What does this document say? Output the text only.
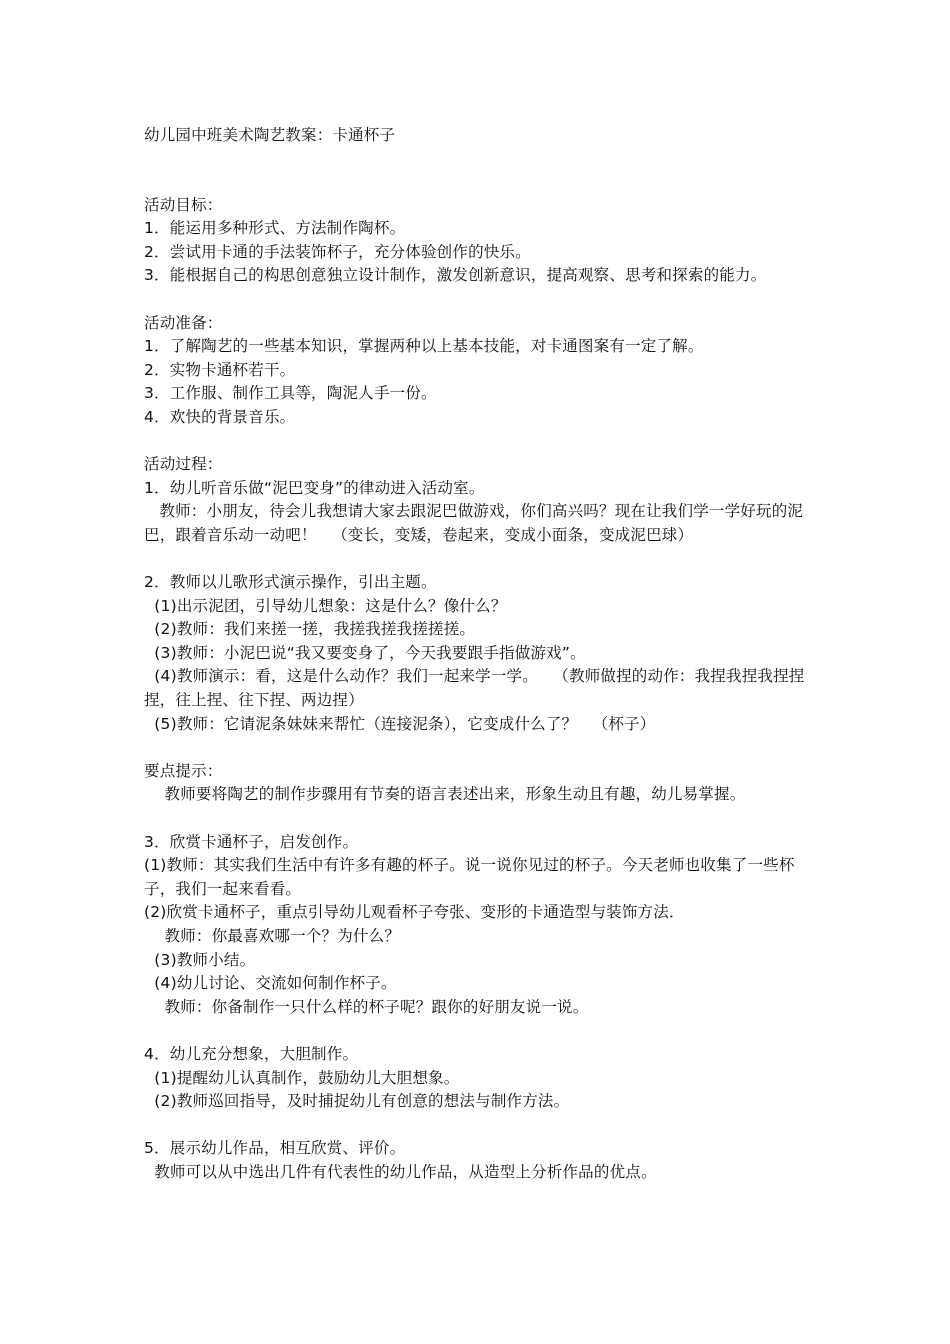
幼儿园中班美术陶艺教案：卡通杯子

活动目标：

1．能运用多种形式、方法制作陶杯。

2．尝试用卡通的手法装饰杯子，充分体验创作的快乐。

3．能根据自己的构思创意独立设计制作，激发创新意识，提高观察、思考和探索的能力。

活动准备：

1．了解陶艺的一些基本知识，掌握两种以上基本技能，对卡通图案有一定了解。

2．实物卡通杯若干。

3．工作服、制作工具等，陶泥人手一份。

4．欢快的背景音乐。

活动过程：

1．幼儿听音乐做“泥巴变身”的律动进入活动室。

教师：小朋友，待会儿我想请大家去跟泥巴做游戏，你们高兴吗？现在让我们学一学好玩的泥巴，跟着音乐动一动吧！   （变长，变矮，卷起来，变成小面条，变成泥巴球）

2．教师以儿歌形式演示操作，引出主题。

(1)出示泥团，引导幼儿想象：这是什么？像什么？

(2)教师：我们来搓一搓，我搓我搓我搓搓搓。

(3)教师：小泥巴说“我又要变身了，今天我要跟手指做游戏”。

(4)教师演示：看，这是什么动作？我们一起来学一学。   （教师做捏的动作：我捏我捏我捏捏捏，往上捏、往下捏、两边捏）

(5)教师：它请泥条妹妹来帮忙（连接泥条），它变成什么了？   （杯子）

要点提示：

教师要将陶艺的制作步骤用有节奏的语言表述出来，形象生动且有趣，幼儿易掌握。

3．欣赏卡通杯子，启发创作。

(1)教师：其实我们生活中有许多有趣的杯子。说一说你见过的杯子。今天老师也收集了一些杯子，我们一起来看看。

(2)欣赏卡通杯子，重点引导幼儿观看杯子夸张、变形的卡通造型与装饰方法．

教师：你最喜欢哪一个？为什么？

(3)教师小结。

(4)幼儿讨论、交流如何制作杯子。

教师：你备制作一只什么样的杯子呢？跟你的好朋友说一说。

4．幼儿充分想象，大胆制作。

(1)提醒幼儿认真制作，鼓励幼儿大胆想象。

(2)教师巡回指导，及时捕捉幼儿有创意的想法与制作方法。

5．展示幼儿作品，相互欣赏、评价。

教师可以从中选出几件有代表性的幼儿作品，从造型上分析作品的优点。
